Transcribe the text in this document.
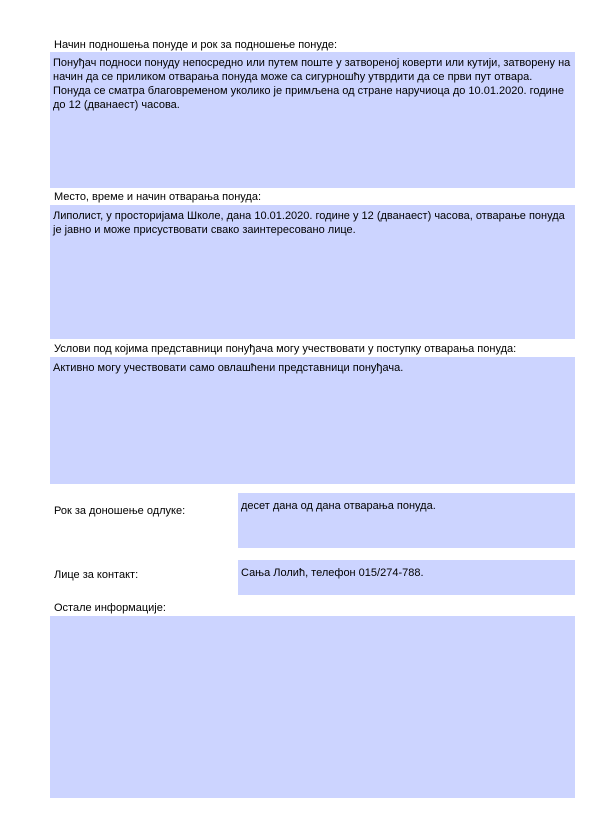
Начин подношења понуде и рок за подношење понуде:
Понуђач подноси понуду непосредно или путем поште у затвореној коверти или кутији, затворену на начин да се приликом отварања понуда може са сигурношћу утврдити да се први пут отвара. Понуда се сматра благовременом уколико је примљена од стране наручиоца до 10.01.2020. године до 12 (дванаест) часова.
Место, време и начин отварања понуда:
Липолист, у просторијама Школе, дана 10.01.2020. године у 12 (дванаест) часова, отварање понуда је јавно и може присуствовати свако заинтересовано лице.
Услови под којима представници понуђача могу учествовати у поступку отварања понуда:
Активно могу учествовати само овлашћени представници понуђача.
Рок за доношење одлуке:	десет дана од дана отварања понуда.
Лице за контакт:	Сања Лолић, телефон 015/274-788.
Остале информације:
